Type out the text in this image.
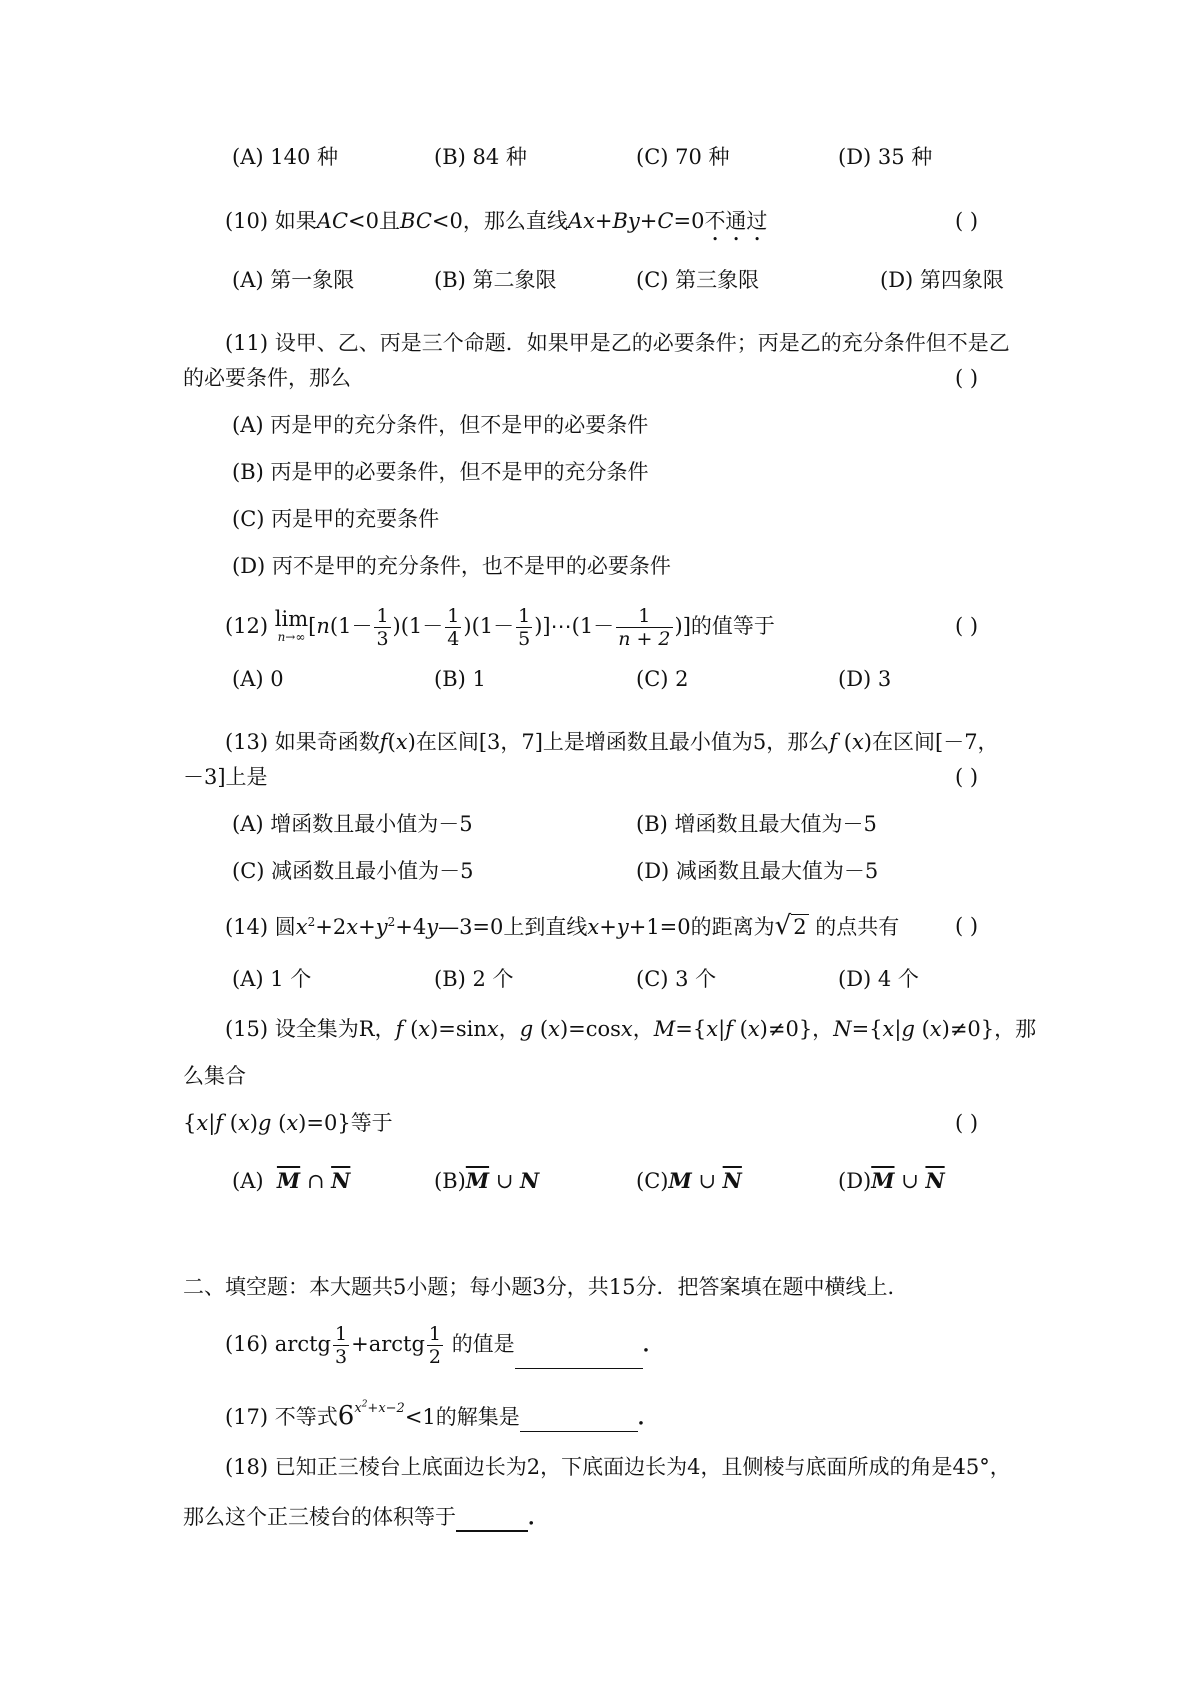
(A) 140 种	(B) 84 种	(C) 70 种	(D) 35 种
(10) 如果AC<0且BC<0，那么直线Ax+By+C=0不通过	( )
(A) 第一象限	(B) 第二象限	(C) 第三象限	(D) 第四象限
(11) 设甲、乙、丙是三个命题．如果甲是乙的必要条件；丙是乙的充分条件但不是乙
的必要条件，那么	( )
(A) 丙是甲的充分条件，但不是甲的必要条件
(B) 丙是甲的必要条件，但不是甲的充分条件
(C) 丙是甲的充要条件
(D) 丙不是甲的充分条件，也不是甲的必要条件
(12) lim
n→∞ [$n(1- \frac{1}{3} )(1- \frac{1}{4} )(1- \frac{1}{5}$ )]⋯(1－ $\frac{1}{n + 2}$ )]的值等于	( )
(A) 0	(B) 1	(C) 2	(D) 3
(13) 如果奇函数f(x)在区间[3，7]上是增函数且最小值为5，那么f (x)在区间[－7，
－3]上是	( )
(A) 增函数且最小值为－5	(B) 增函数且最大值为－5
(C) 减函数且最小值为－5	(D) 减函数且最大值为－5
(14) 圆$x^2+2x+y^2+4y—3=0$上到直线x+y+1=0的距离为√2 的点共有	( )
(A) 1 个	(B) 2 个	(C) 3 个	(D) 4 个
(15) 设全集为R，f (x)=sinx，g (x)=cosx，M={x|f (x)≠0}，N={x|g (x)≠0}，那
么集合
{x|f (x)g (x)=0}等于	( )
(A) $\overline{M}$ ∩ $\overline{N}$	$(B)\overline{M}$ ∪ N	(C)M ∪ $\overline{N}$	$(D)\overline{M}$ ∪ $\overline{N}$
二、填空题：本大题共5小题；每小题3分，共15分．把答案填在题中横线上．
(16) arctg $\frac{1}{3}$ +arctg $\frac{1}{2}$ 的值是	．
(17) 不等式$6^{x^2+x-2}<1$的解集是	．
(18) 已知正三棱台上底面边长为2，下底面边长为4，且侧棱与底面所成的角是45°，
那么这个正三棱台的体积等于	．
